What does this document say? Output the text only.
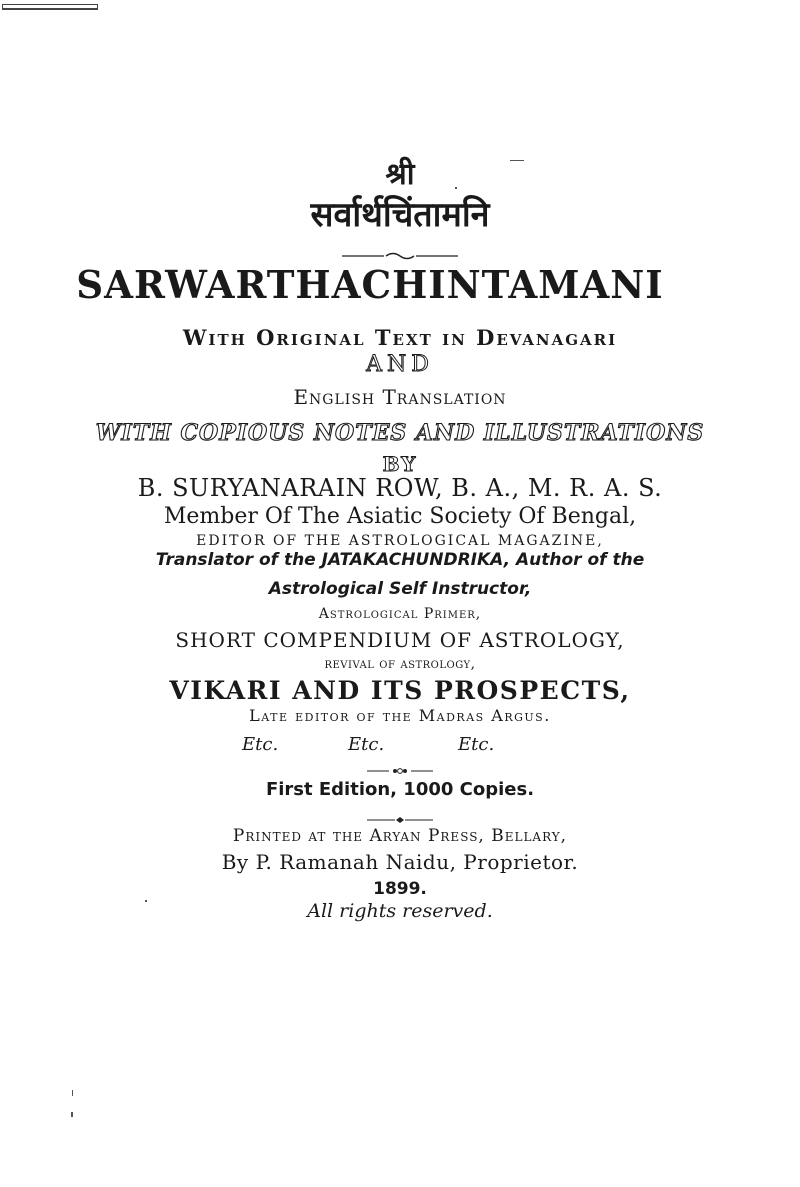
श्री
सर्वार्थचिंतामनि
SARWARTHACHINTAMANI
With Original Text in Devanagari
AND
English Translation
WITH COPIOUS NOTES AND ILLUSTRATIONS
BY
B. SURYANARAIN ROW, B. A., M. R. A. S.
Member Of The Asiatic Society Of Bengal,
EDITOR OF THE ASTROLOGICAL MAGAZINE,
Translator of the JATAKACHUNDRIKA, Author of the
Astrological Self Instructor,
Astrological Primer,
SHORT COMPENDIUM OF ASTROLOGY,
revival of astrology,
VIKARI AND ITS PROSPECTS,
Late editor of the Madras Argus.
Etc.	Etc.	Etc.
First Edition, 1000 Copies.
Printed at the Aryan Press, Bellary,
By P. Ramanah Naidu, Proprietor.
1899.
All rights reserved.
